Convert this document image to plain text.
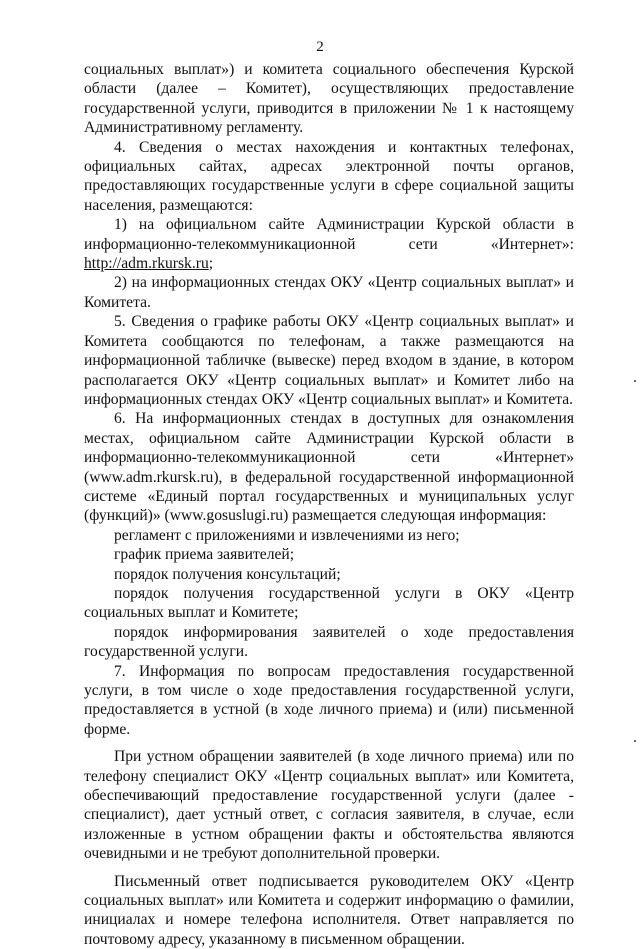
2

социальных выплат») и комитета социального обеспечения Курской области (далее – Комитет), осуществляющих предоставление государственной услуги, приводится в приложении № 1 к настоящему Административному регламенту.

4. Сведения о местах нахождения и контактных телефонах, официальных сайтах, адресах электронной почты органов, предоставляющих государственные услуги в сфере социальной защиты населения, размещаются:

1) на официальном сайте Администрации Курской области в информационно-телекоммуникационной сети «Интернет»: http://adm.rkursk.ru;

2) на информационных стендах ОКУ «Центр социальных выплат» и Комитета.

5. Сведения о графике работы ОКУ «Центр социальных выплат» и Комитета сообщаются по телефонам, а также размещаются на информационной табличке (вывеске) перед входом в здание, в котором располагается ОКУ «Центр социальных выплат» и Комитет либо на информационных стендах ОКУ «Центр социальных выплат» и Комитета.

6. На информационных стендах в доступных для ознакомления местах, официальном сайте Администрации Курской области в информационно-телекоммуникационной сети «Интернет» (www.adm.rkursk.ru), в федеральной государственной информационной системе «Единый портал государственных и муниципальных услуг (функций)» (www.gosuslugi.ru) размещается следующая информация:

регламент с приложениями и извлечениями из него;

график приема заявителей;

порядок получения консультаций;

порядок получения государственной услуги в ОКУ «Центр социальных выплат и Комитете;

порядок информирования заявителей о ходе предоставления государственной услуги.

7. Информация по вопросам предоставления государственной услуги, в том числе о ходе предоставления государственной услуги, предоставляется в устной (в ходе личного приема) и (или) письменной форме.

При устном обращении заявителей (в ходе личного приема) или по телефону специалист ОКУ «Центр социальных выплат» или Комитета, обеспечивающий предоставление государственной услуги (далее - специалист), дает устный ответ, с согласия заявителя, в случае, если изложенные в устном обращении факты и обстоятельства являются очевидными и не требуют дополнительной проверки.

Письменный ответ подписывается руководителем ОКУ «Центр социальных выплат» или Комитета и содержит информацию о фамилии, инициалах и номере телефона исполнителя. Ответ направляется по почтовому адресу, указанному в письменном обращении.
